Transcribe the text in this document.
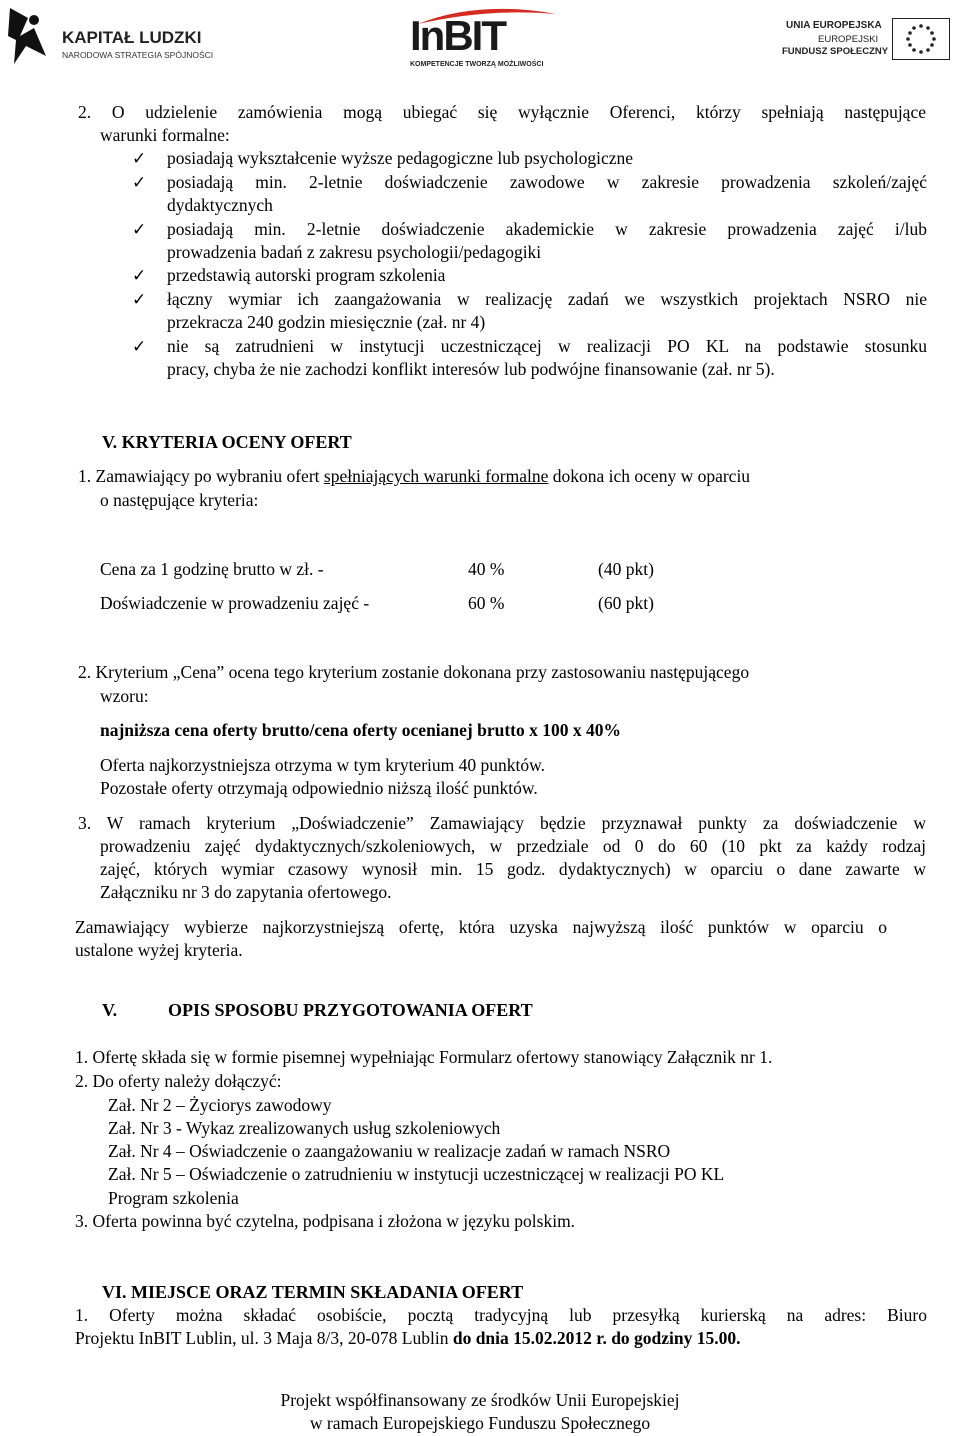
KAPITAŁ LUDZKI
NARODOWA STRATEGIA SPÓJNOŚCI	InBIT
KOMPETENCJE TWORZĄ MOŻLIWOŚCI
UNIA EUROPEJSKA
EUROPEJSKI
FUNDUSZ SPOŁECZNY
2. O udzielenie zamówienia mogą ubiegać się wyłącznie Oferenci, którzy spełniają następujące
warunki formalne:
✓ posiadają wykształcenie wyższe pedagogiczne lub psychologiczne
✓ posiadają min. 2-letnie doświadczenie zawodowe w zakresie prowadzenia szkoleń/zajęć
dydaktycznych
✓ posiadają min. 2-letnie doświadczenie akademickie w zakresie prowadzenia zajęć i/lub
prowadzenia badań z zakresu psychologii/pedagogiki
✓ przedstawią autorski program szkolenia
✓ łączny wymiar ich zaangażowania w realizację zadań we wszystkich projektach NSRO nie
przekracza 240 godzin miesięcznie (zał. nr 4)
✓ nie są zatrudnieni w instytucji uczestniczącej w realizacji PO KL na podstawie stosunku
pracy, chyba że nie zachodzi konflikt interesów lub podwójne finansowanie (zał. nr 5).
V. KRYTERIA OCENY OFERT
1. Zamawiający po wybraniu ofert spełniających warunki formalne dokona ich oceny w oparciu
o następujące kryteria:
Cena za 1 godzinę brutto w zł. -	40 %	(40 pkt)
Doświadczenie w prowadzeniu zajęć -	60 %	(60 pkt)
2. Kryterium „Cena” ocena tego kryterium zostanie dokonana przy zastosowaniu następującego
wzoru:
najniższa cena oferty brutto/cena oferty ocenianej brutto x 100 x 40%
Oferta najkorzystniejsza otrzyma w tym kryterium 40 punktów.
Pozostałe oferty otrzymają odpowiednio niższą ilość punktów.
3. W ramach kryterium „Doświadczenie” Zamawiający będzie przyznawał punkty za doświadczenie w
prowadzeniu zajęć dydaktycznych/szkoleniowych, w przedziale od 0 do 60 (10 pkt za każdy rodzaj
zajęć, których wymiar czasowy wynosił min. 15 godz. dydaktycznych) w oparciu o dane zawarte w
Załączniku nr 3 do zapytania ofertowego.
Zamawiający wybierze najkorzystniejszą ofertę, która uzyska najwyższą ilość punktów w oparciu o
ustalone wyżej kryteria.
V.	OPIS SPOSOBU PRZYGOTOWANIA OFERT
1. Ofertę składa się w formie pisemnej wypełniając Formularz ofertowy stanowiący Załącznik nr 1.
2. Do oferty należy dołączyć:
Zał. Nr 2 – Życiorys zawodowy
Zał. Nr 3 - Wykaz zrealizowanych usług szkoleniowych
Zał. Nr 4 – Oświadczenie o zaangażowaniu w realizacje zadań w ramach NSRO
Zał. Nr 5 – Oświadczenie o zatrudnieniu w instytucji uczestniczącej w realizacji PO KL
Program szkolenia
3. Oferta powinna być czytelna, podpisana i złożona w języku polskim.
VI. MIEJSCE ORAZ TERMIN SKŁADANIA OFERT
1. Oferty można składać osobiście, pocztą tradycyjną lub przesyłką kurierską na adres: Biuro
Projektu InBIT Lublin, ul. 3 Maja 8/3, 20-078 Lublin do dnia 15.02.2012 r. do godziny 15.00.
Projekt współfinansowany ze środków Unii Europejskiej
w ramach Europejskiego Funduszu Społecznego
